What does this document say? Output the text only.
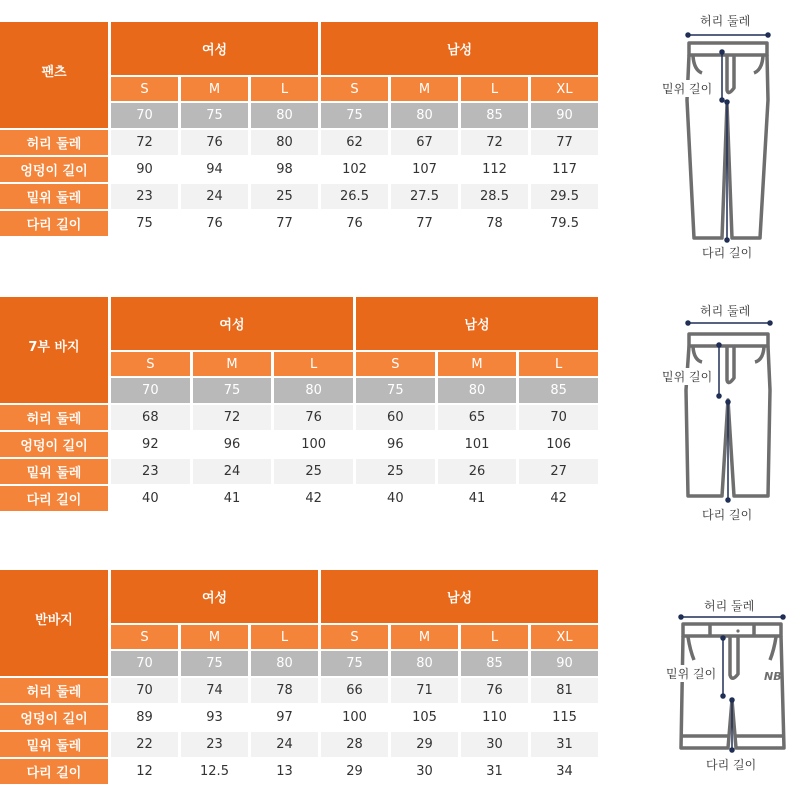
팬츠
여성	남성
S	M	L	S	M	L	XL
70	75	80	75	80	85	90
허리 둘레	72	76	80	62	67	72	77
엉덩이 길이	90	94	98	102	107	112	117
밑위 둘레	23	24	25	26.5	27.5	28.5	29.5
다리 길이	75	76	77	76	77	78	79.5
7부 바지
여성	남성
S	M	L	S	M	L
70	75	80	75	80	85
허리 둘레	68	72	76	60	65	70
엉덩이 길이	92	96	100	96	101	106
밑위 둘레	23	24	25	25	26	27
다리 길이	40	41	42	40	41	42
반바지
여성	남성
S	M	L	S	M	L	XL
70	75	80	75	80	85	90
허리 둘레	70	74	78	66	71	76	81
엉덩이 길이	89	93	97	100	105	110	115
밑위 둘레	22	23	24	28	29	30	31
다리 길이	12	12.5	13	29	30	31	34
허리 둘레
밑위 길이
다리 길이
허리 둘레
밑위 길이
다리 길이
NB
허리 둘레
밑위 길이
다리 길이
